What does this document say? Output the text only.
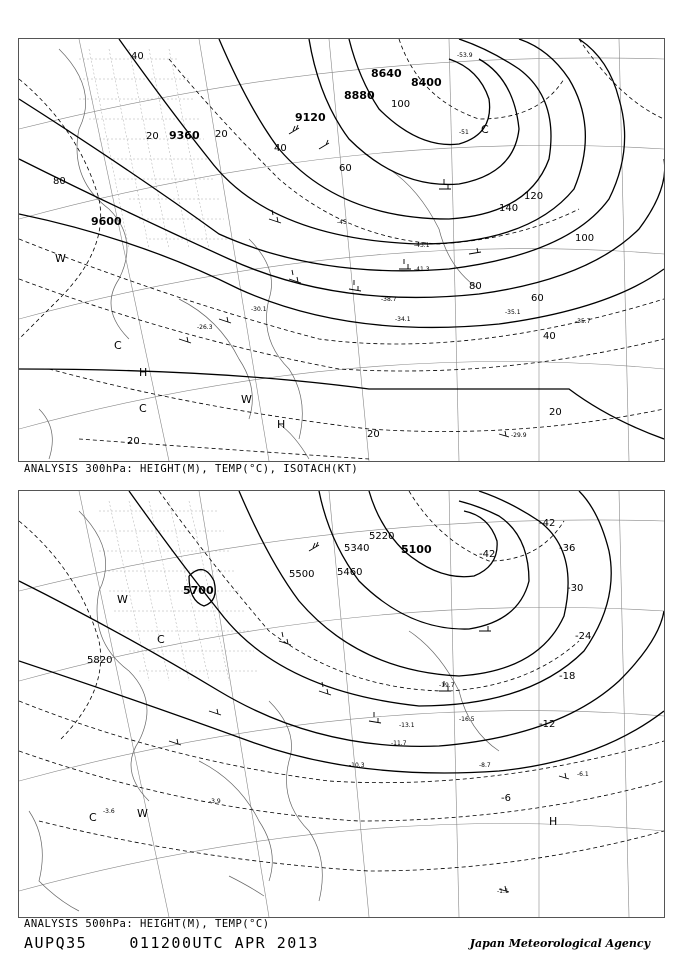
9600
9360
9120
8880
8640
8400
40
80
100
120
140
100
80
60
40
20
20
20
20	20
40
60
-53.9
-51
-45
-43.1
-41.3
-38.7
-34.1
-35.1
-35.7
-30.1
-26.3
-29.9
W
C
H
C
W
H
C
ANALYSIS 300hPa: HEIGHT(M), TEMP(°C), ISOTACH(KT)
5820
5700
5500 5460
5340
5220
5100
-42
-42
-36
-30
-24
-18
-12
-6
-8.7
-6.1
-1.1
-19.7
-16.5
-13.1
-11.7
-10.3
-3.9
-3.6
W
C
H
C	W
ANALYSIS 500hPa: HEIGHT(M), TEMP(°C)
AUPQ35	011200UTC APR 2013	Japan Meteorological Agency
